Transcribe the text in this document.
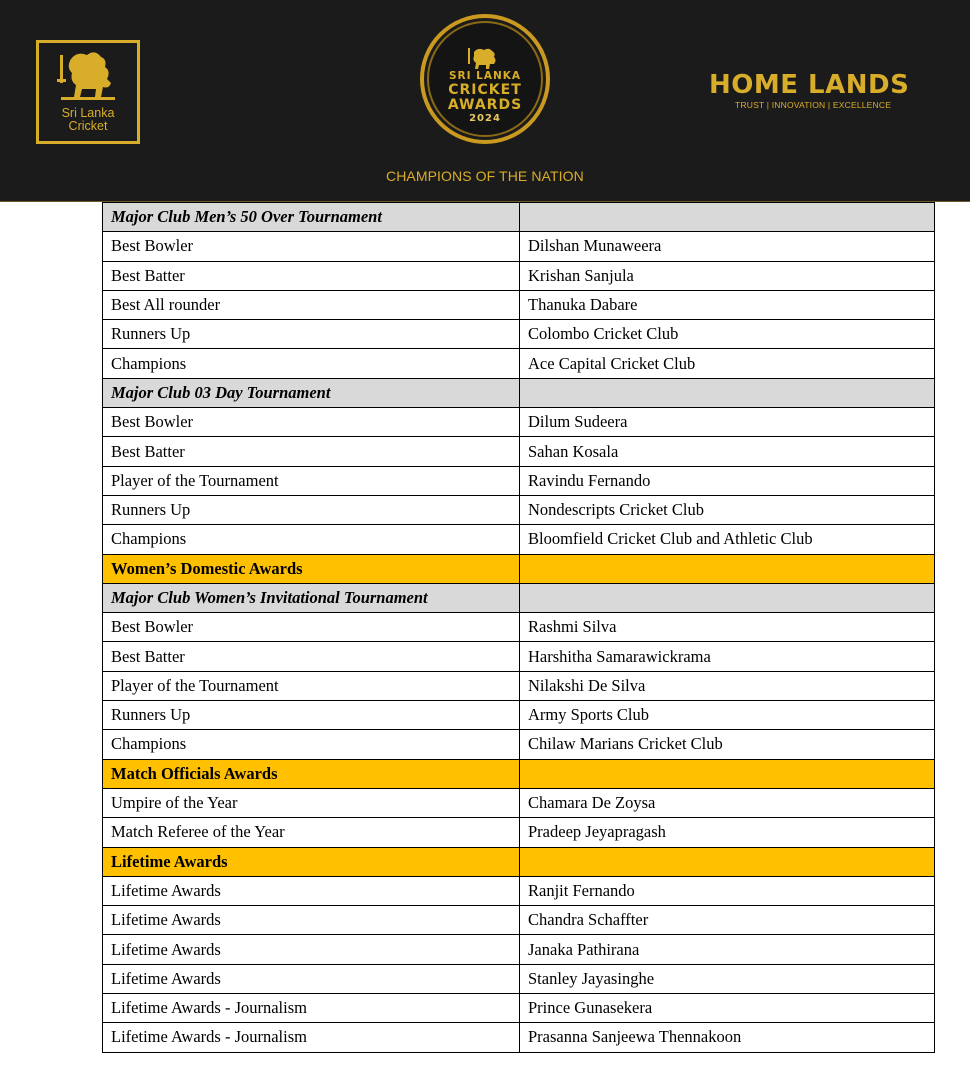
Sri Lanka
Cricket
SRI LANKA
CRICKET
AWARDS
2024
CHAMPIONS OF THE NATION
HOME LANDS
TRUST | INNOVATION | EXCELLENCE
Major Club Men’s 50 Over Tournament	
Best Bowler	Dilshan Munaweera
Best Batter	Krishan Sanjula
Best All rounder	Thanuka Dabare
Runners Up	Colombo Cricket Club
Champions	Ace Capital Cricket Club
Major Club 03 Day Tournament	
Best Bowler	Dilum Sudeera
Best Batter	Sahan Kosala
Player of the Tournament	Ravindu Fernando
Runners Up	Nondescripts Cricket Club
Champions	Bloomfield Cricket Club and Athletic Club
Women’s Domestic Awards	
Major Club Women’s Invitational Tournament	
Best Bowler	Rashmi Silva
Best Batter	Harshitha Samarawickrama
Player of the Tournament	Nilakshi De Silva
Runners Up	Army Sports Club
Champions	Chilaw Marians Cricket Club
Match Officials Awards	
Umpire of the Year	Chamara De Zoysa
Match Referee of the Year	Pradeep Jeyapragash
Lifetime Awards	
Lifetime Awards	Ranjit Fernando
Lifetime Awards	Chandra Schaffter
Lifetime Awards	Janaka Pathirana
Lifetime Awards	Stanley Jayasinghe
Lifetime Awards - Journalism	Prince Gunasekera
Lifetime Awards - Journalism	Prasanna Sanjeewa Thennakoon
